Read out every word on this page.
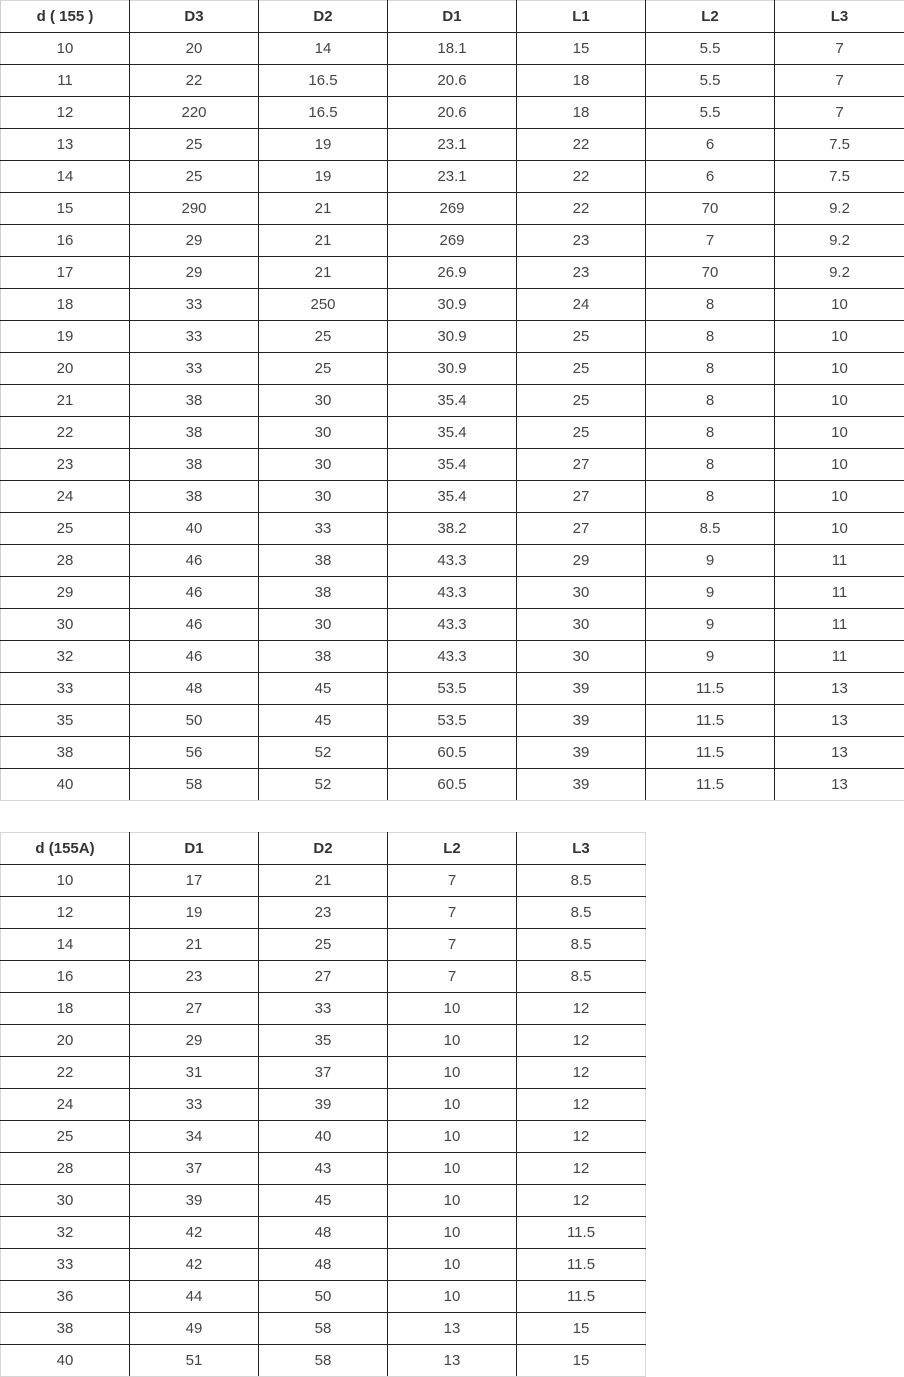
d ( 155 )	D3	D2	D1	L1	L2	L3
10	20	14	18.1	15	5.5	7
11	22	16.5	20.6	18	5.5	7
12	220	16.5	20.6	18	5.5	7
13	25	19	23.1	22	6	7.5
14	25	19	23.1	22	6	7.5
15	290	21	269	22	70	9.2
16	29	21	269	23	7	9.2
17	29	21	26.9	23	70	9.2
18	33	250	30.9	24	8	10
19	33	25	30.9	25	8	10
20	33	25	30.9	25	8	10
21	38	30	35.4	25	8	10
22	38	30	35.4	25	8	10
23	38	30	35.4	27	8	10
24	38	30	35.4	27	8	10
25	40	33	38.2	27	8.5	10
28	46	38	43.3	29	9	11
29	46	38	43.3	30	9	11
30	46	30	43.3	30	9	11
32	46	38	43.3	30	9	11
33	48	45	53.5	39	11.5	13
35	50	45	53.5	39	11.5	13
38	56	52	60.5	39	11.5	13
40	58	52	60.5	39	11.5	13
d (155A)	D1	D2	L2	L3
10	17	21	7	8.5
12	19	23	7	8.5
14	21	25	7	8.5
16	23	27	7	8.5
18	27	33	10	12
20	29	35	10	12
22	31	37	10	12
24	33	39	10	12
25	34	40	10	12
28	37	43	10	12
30	39	45	10	12
32	42	48	10	11.5
33	42	48	10	11.5
36	44	50	10	11.5
38	49	58	13	15
40	51	58	13	15
